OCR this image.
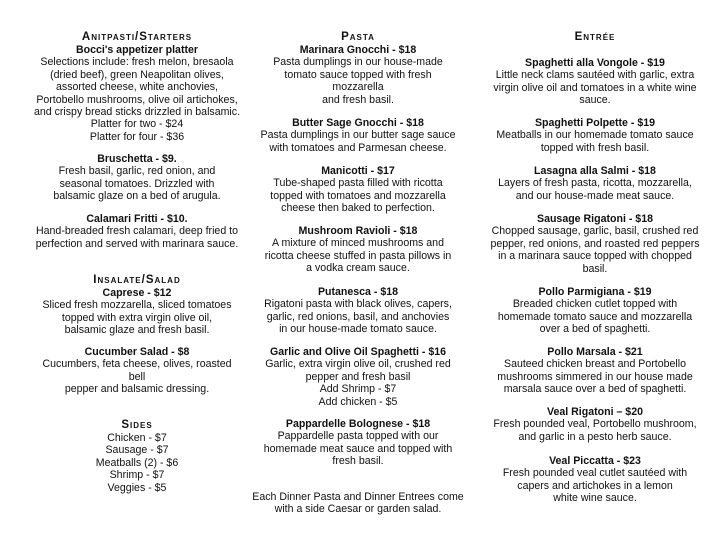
Anitpasti/Starters

Bocci's appetizer platter

Selections include: fresh melon, bresaola

(dried beef), green Neapolitan olives,

assorted cheese, white anchovies,

Portobello mushrooms, olive oil artichokes,

and crispy bread sticks drizzled in balsamic.

Platter for two - $24

Platter for four - $36

Bruschetta - $9.

Fresh basil, garlic, red onion, and

seasonal tomatoes. Drizzled with

balsamic glaze on a bed of arugula.

Calamari Fritti - $10.

Hand-breaded fresh calamari, deep fried to

perfection and served with marinara sauce.

Insalate/Salad

Caprese - $12

Sliced fresh mozzarella, sliced tomatoes

topped with extra virgin olive oil,

balsamic glaze and fresh basil.

Cucumber Salad - $8

Cucumbers, feta cheese, olives, roasted

bell

pepper and balsamic dressing.

Sides

Chicken - $7

Sausage - $7

Meatballs (2) - $6

Shrimp - $7

Veggies - $5

Pasta

Marinara Gnocchi - $18

Pasta dumplings in our house-made

tomato sauce topped with fresh

mozzarella

and fresh basil.

Butter Sage Gnocchi - $18

Pasta dumplings in our butter sage sauce

with tomatoes and Parmesan cheese.

Manicotti - $17

Tube-shaped pasta filled with ricotta

topped with tomatoes and mozzarella

cheese then baked to perfection.

Mushroom Ravioli - $18

A mixture of minced mushrooms and

ricotta cheese stuffed in pasta pillows in

a vodka cream sauce.

Putanesca - $18

Rigatoni pasta with black olives, capers,

garlic, red onions, basil, and anchovies

in our house-made tomato sauce.

Garlic and Olive Oil Spaghetti - $16

Garlic, extra virgin olive oil, crushed red

pepper and fresh basil

Add Shrimp - $7

Add chicken - $5

Pappardelle Bolognese - $18

Pappardelle pasta topped with our

homemade meat sauce and topped with

fresh basil.

Each Dinner Pasta and Dinner Entrees come

with a side Caesar or garden salad.

Entrée

Spaghetti alla Vongole - $19

Little neck clams sautéed with garlic, extra

virgin olive oil and tomatoes in a white wine

sauce.

Spaghetti Polpette - $19

Meatballs in our homemade tomato sauce

topped with fresh basil.

Lasagna alla Salmi - $18

Layers of fresh pasta, ricotta, mozzarella,

and our house-made meat sauce.

Sausage Rigatoni - $18

Chopped sausage, garlic, basil, crushed red

pepper, red onions, and roasted red peppers

in a marinara sauce topped with chopped

basil.

Pollo Parmigiana - $19

Breaded chicken cutlet topped with

homemade tomato sauce and mozzarella

over a bed of spaghetti.

Pollo Marsala - $21

Sauteed chicken breast and Portobello

mushrooms simmered in our house made

marsala sauce over a bed of spaghetti.

Veal Rigatoni – $20

Fresh pounded veal, Portobello mushroom,

and garlic in a pesto herb sauce.

Veal Piccatta - $23

Fresh pounded veal cutlet sautéed with

capers and artichokes in a lemon

white wine sauce.
